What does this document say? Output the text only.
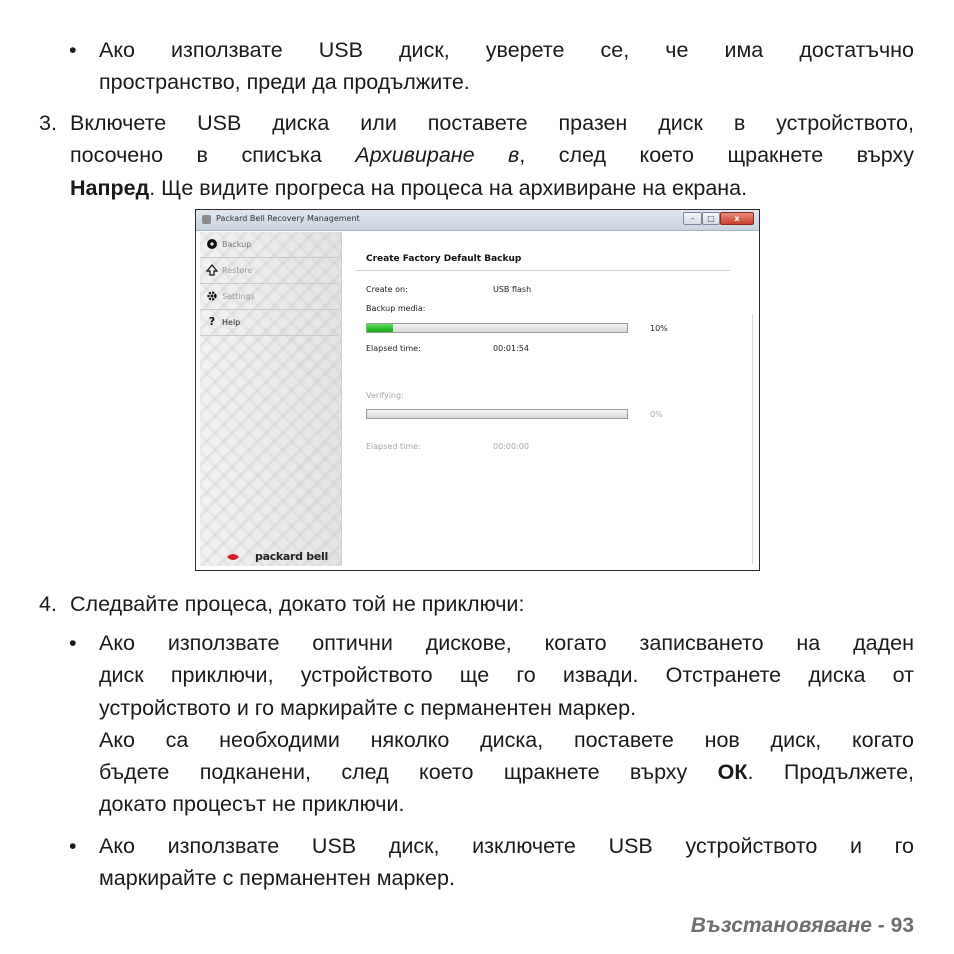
• Ако използвате USB диск, уверете се, че има достатъчно
пространство, преди да продължите.
3. Включете USB диска или поставете празен диск в устройството,
посочено в списъка Архивиране в, след което щракнете върху
Напред. Ще видите прогреса на процеса на архивиране на екрана.
Packard Bell Recovery Management	–	□	x
Backup
Restore
Settings
? Help
packard bell
Create Factory Default Backup
Create on:	USB flash
Backup media:
10%
Elapsed time:	00:01:54
Verifying:
0%
Elapsed time:	00:00:00
4. Следвайте процеса, докато той не приключи:
• Ако използвате оптични дискове, когато записването на даден
диск приключи, устройството ще го извади. Отстранете диска от
устройството и го маркирайте с перманентен маркер.
Ако са необходими няколко диска, поставете нов диск, когато
бъдете подканени, след което щракнете върху ОК. Продължете,
докато процесът не приключи.
• Ако използвате USB диск, изключете USB устройството и го
маркирайте с перманентен маркер.
Възстановяване - 93
